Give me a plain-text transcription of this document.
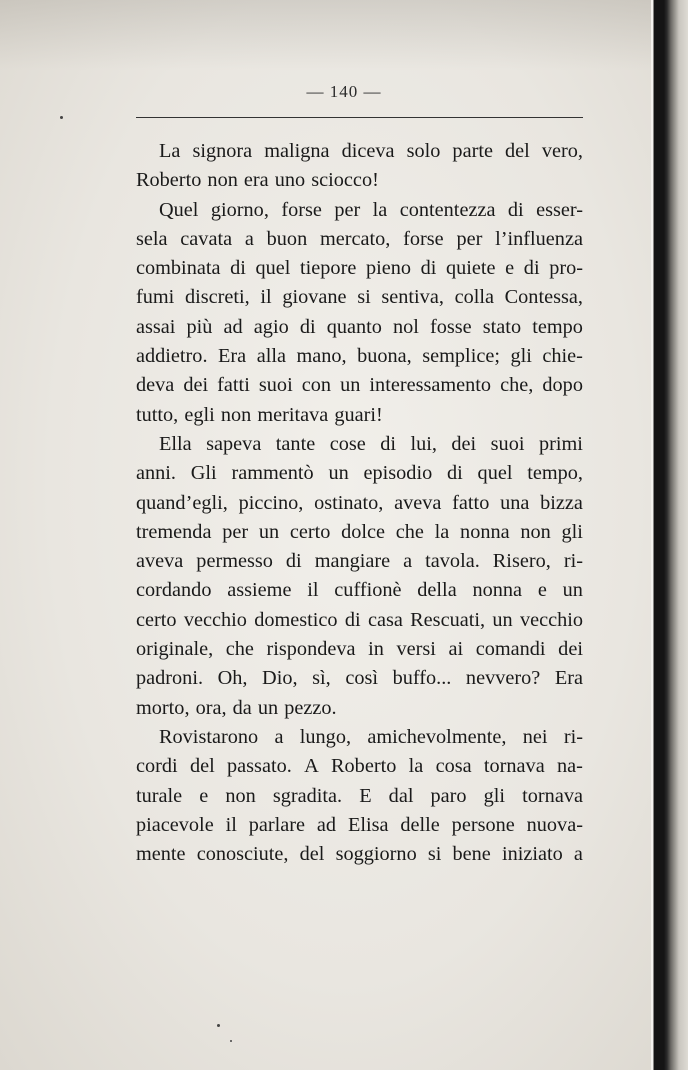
— 140 —
La signora maligna diceva solo parte del vero,
Roberto non era uno sciocco!
Quel giorno, forse per la contentezza di esser-
sela cavata a buon mercato, forse per l’influenza
combinata di quel tiepore pieno di quiete e di pro-
fumi discreti, il giovane si sentiva, colla Contessa,
assai più ad agio di quanto nol fosse stato tempo
addietro. Era alla mano, buona, semplice; gli chie-
deva dei fatti suoi con un interessamento che, dopo
tutto, egli non meritava guari!
Ella sapeva tante cose di lui, dei suoi primi
anni. Gli rammentò un episodio di quel tempo,
quand’egli, piccino, ostinato, aveva fatto una bizza
tremenda per un certo dolce che la nonna non gli
aveva permesso di mangiare a tavola. Risero, ri-
cordando assieme il cuffionè della nonna e un
certo vecchio domestico di casa Rescuati, un vecchio
originale, che rispondeva in versi ai comandi dei
padroni. Oh, Dio, sì, così buffo... nevvero? Era
morto, ora, da un pezzo.
Rovistarono a lungo, amichevolmente, nei ri-
cordi del passato. A Roberto la cosa tornava na-
turale e non sgradita. E dal paro gli tornava
piacevole il parlare ad Elisa delle persone nuova-
mente conosciute, del soggiorno si bene iniziato a
